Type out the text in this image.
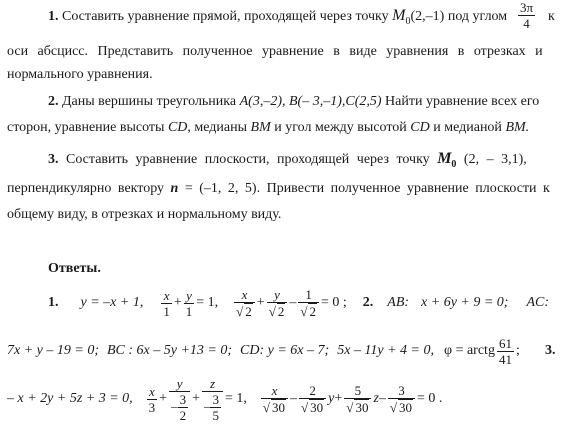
1. Составить уравнение прямой, проходящей через точку $M_0(2,-1)$ под углом $\frac{3\pi}{4}$ к
оси абсцисс. Представить полученное уравнение в виде уравнения в отрезках и
нормального уравнения.
2. Даны вершины треугольника A(3,–2), B(– 3,–1),C(2,5) Найти уравнение всех его
сторон, уравнение высоты CD, медианы BM и угол между высотой CD и медианой BM.
3. Составить уравнение плоскости, проходящей через точку $M_0$ (2, – 3,1),
перпендикулярно вектору n = (–1, 2, 5). Привести полученное уравнение плоскости к
общему виду, в отрезках и нормальному виду.
Ответы.
1. y = –x + 1, $\frac{x}{1} + \frac{y}{1} = 1$, $\frac{x}{√ 2} + \frac{y}{√ 2} - \frac{1}{√ 2} = 0$ ; 2. AB: x + 6y + 9 = 0; AC:
7x + y – 19 = 0; BC : 6x – 5y +13 = 0; CD: y = 6x – 7; 5x – 11y + 4 = 0, φ = arctg $\frac{61}{41}$ ; 3.
– x + 2y + 5z + 3 = 0, $\frac{x}{3} + \frac{y}{- \frac{3}{2}} + \frac{z}{- \frac{3}{5}} = 1$, $\frac{x}{√ 30} - \frac{2}{√ 30}$ $y + \frac{5}{√ 30}$ $z - \frac{3}{√ 30} = 0$ .
